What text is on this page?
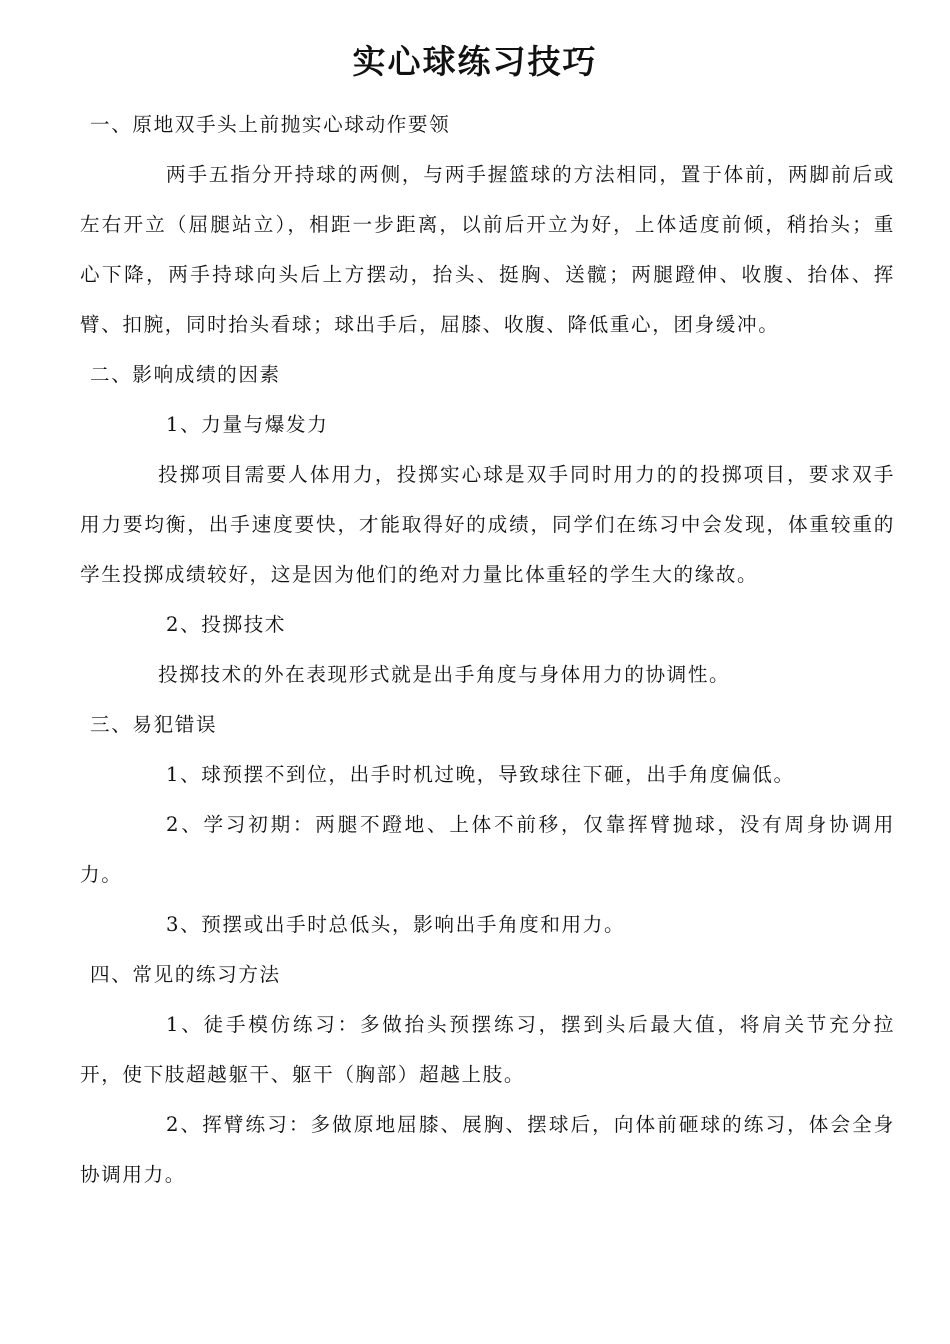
实心球练习技巧

一、原地双手头上前抛实心球动作要领

两手五指分开持球的两侧，与两手握篮球的方法相同，置于体前，两脚前后或左右开立（屈腿站立），相距一步距离，以前后开立为好，上体适度前倾，稍抬头；重心下降，两手持球向头后上方摆动，抬头、挺胸、送髋；两腿蹬伸、收腹、抬体、挥臂、扣腕，同时抬头看球；球出手后，屈膝、收腹、降低重心，团身缓冲。

二、影响成绩的因素

1、力量与爆发力

投掷项目需要人体用力，投掷实心球是双手同时用力的的投掷项目，要求双手用力要均衡，出手速度要快，才能取得好的成绩，同学们在练习中会发现，体重较重的学生投掷成绩较好，这是因为他们的绝对力量比体重轻的学生大的缘故。

2、投掷技术

投掷技术的外在表现形式就是出手角度与身体用力的协调性。

三、易犯错误

1、球预摆不到位，出手时机过晚，导致球往下砸，出手角度偏低。

2、学习初期：两腿不蹬地、上体不前移，仅靠挥臂抛球，没有周身协调用力。

3、预摆或出手时总低头，影响出手角度和用力。

四、常见的练习方法

1、徒手模仿练习：多做抬头预摆练习，摆到头后最大值，将肩关节充分拉开，使下肢超越躯干、躯干（胸部）超越上肢。

2、挥臂练习：多做原地屈膝、展胸、摆球后，向体前砸球的练习，体会全身协调用力。
